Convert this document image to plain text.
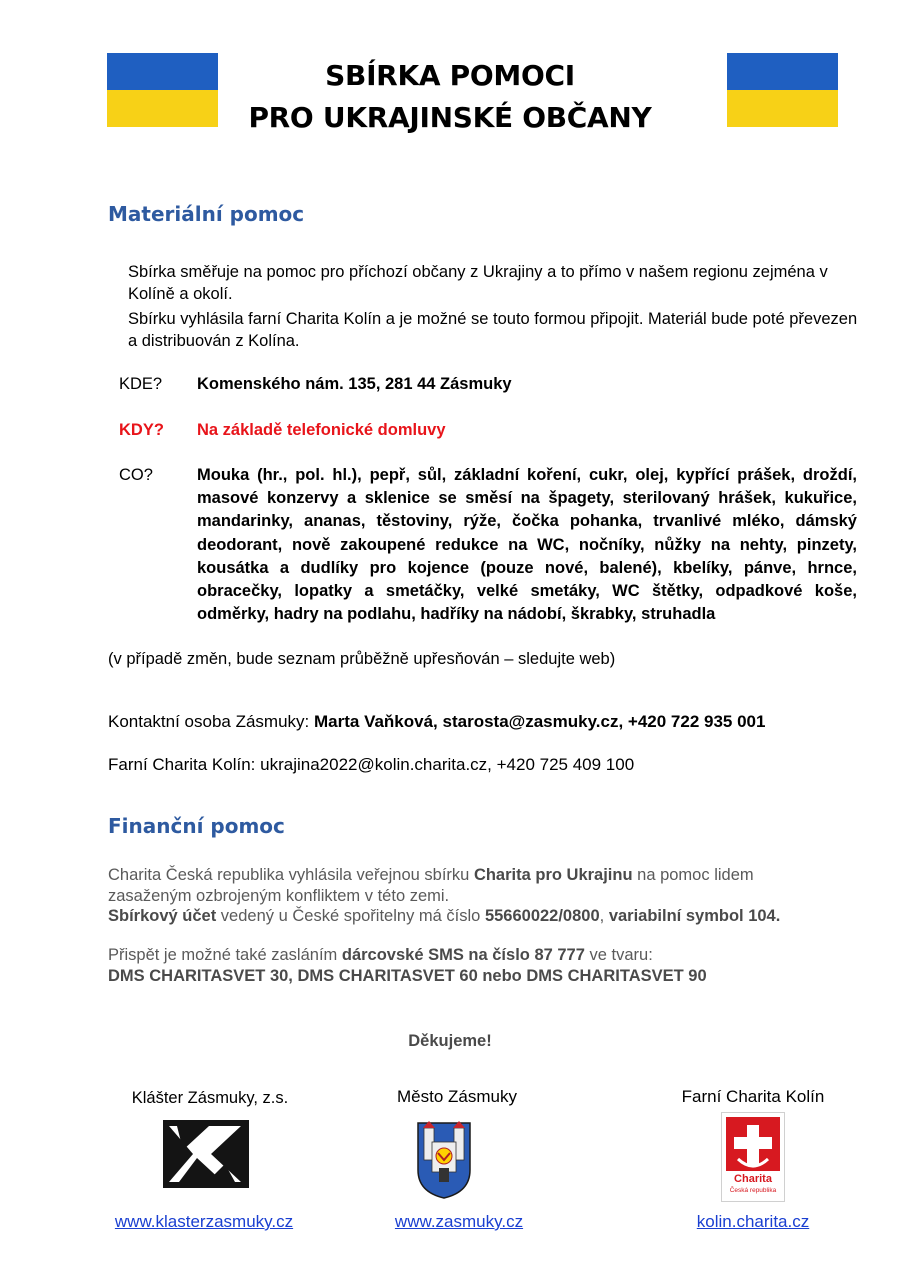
SBÍRKA POMOCI
PRO UKRAJINSKÉ OBČANY
Materiální pomoc
Sbírka směřuje na pomoc pro příchozí občany z Ukrajiny a to přímo v našem regionu zejména v Kolíně a okolí.
Sbírku vyhlásila farní Charita Kolín a je možné se touto formou připojit. Materiál bude poté převezen a distribuován z Kolína.
KDE? Komenského nám. 135, 281 44 Zásmuky
KDY? Na základě telefonické domluvy
CO?	Mouka (hr., pol. hl.), pepř, sůl, základní koření, cukr, olej, kypřící prášek, droždí, masové konzervy a sklenice se směsí na špagety, sterilovaný hrášek, kukuřice, mandarinky, ananas, těstoviny, rýže, čočka pohanka, trvanlivé mléko, dámský deodorant, nově zakoupené redukce na WC, nočníky, nůžky na nehty, pinzety, kousátka a dudlíky pro kojence (pouze nové, balené), kbelíky, pánve, hrnce, obracečky, lopatky a smetáčky, velké smetáky, WC štětky, odpadkové koše, odměrky, hadry na podlahu, hadříky na nádobí, škrabky, struhadla
(v případě změn, bude seznam průběžně upřesňován – sledujte web)
Kontaktní osoba Zásmuky: Marta Vaňková, starosta@zasmuky.cz, +420 722 935 001
Farní Charita Kolín: ukrajina2022@kolin.charita.cz, +420 725 409 100
Finanční pomoc
Charita Česká republika vyhlásila veřejnou sbírku Charita pro Ukrajinu na pomoc lidem zasaženým ozbrojeným konfliktem v této zemi.
Sbírkový účet vedený u České spořitelny má číslo 55660022/0800, variabilní symbol 104.
Přispět je možné také zasláním dárcovské SMS na číslo 87 777 ve tvaru:
DMS CHARITASVET 30, DMS CHARITASVET 60 nebo DMS CHARITASVET 90
Děkujeme!
Klášter Zásmuky, z.s.	Město Zásmuky	Farní Charita Kolín
Charita
Česká republika
www.klasterzasmuky.cz	www.zasmuky.cz	kolin.charita.cz
